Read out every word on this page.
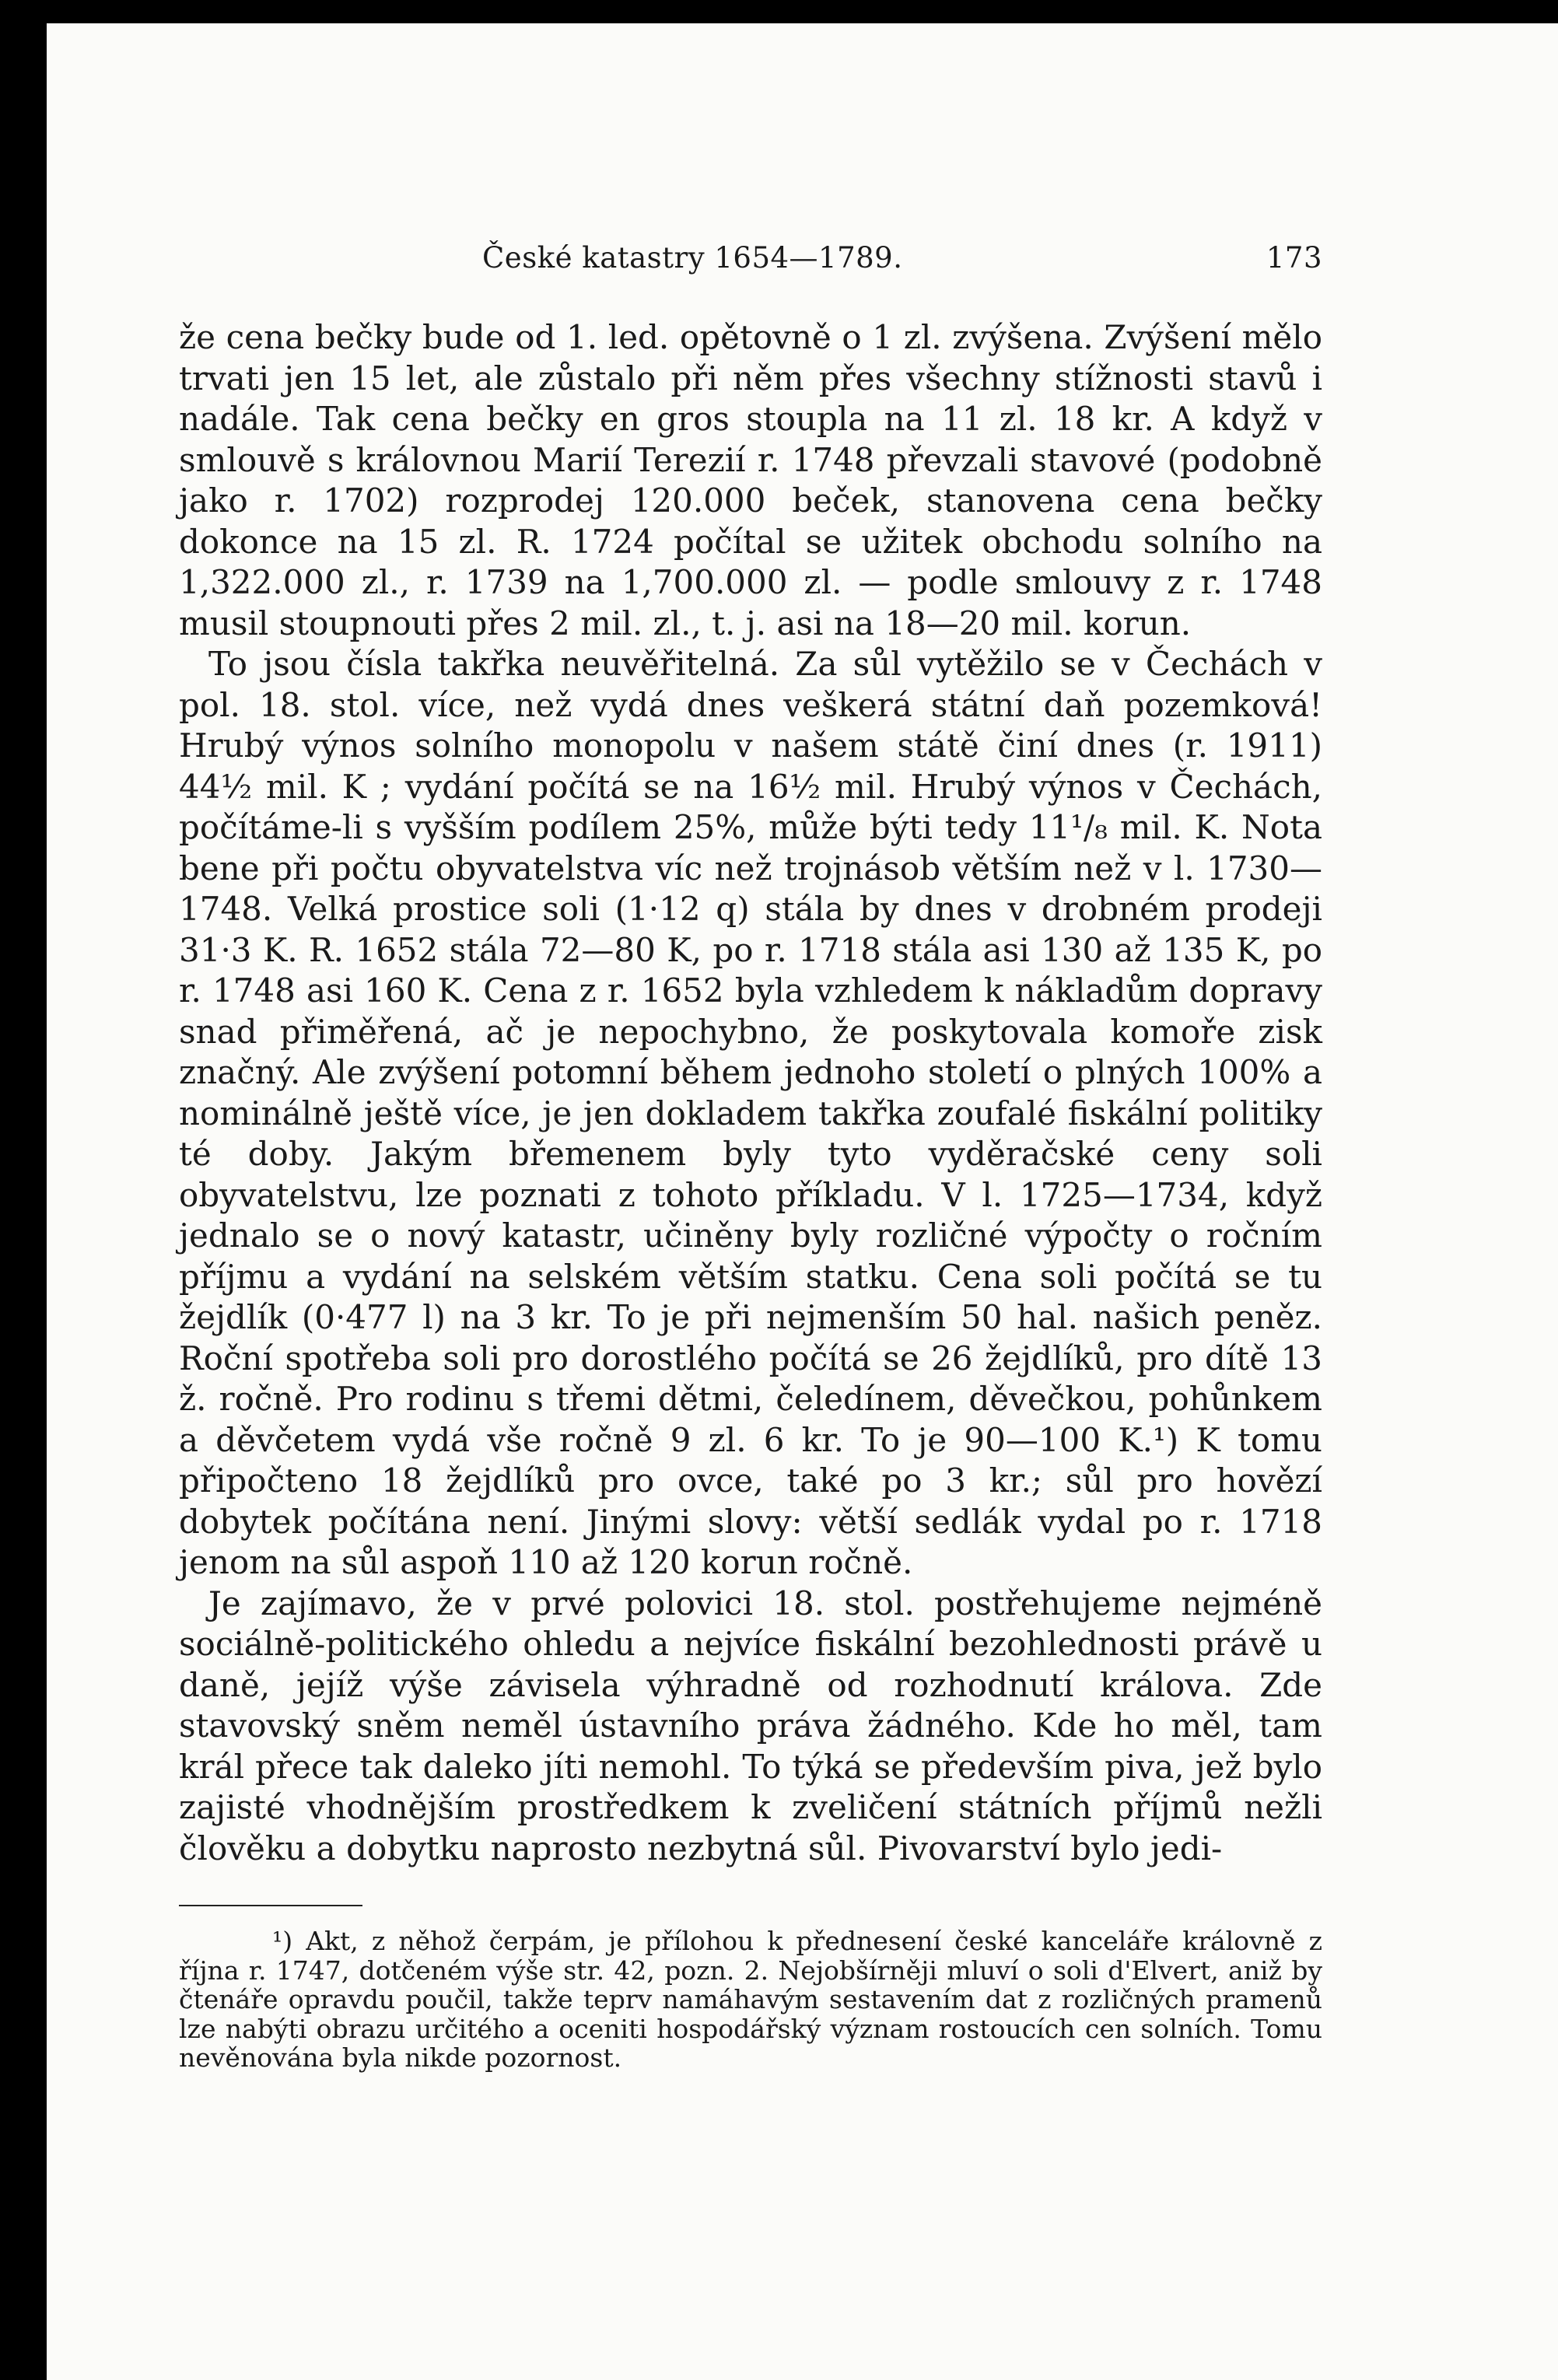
České katastry 1654—1789.	173

že cena bečky bude od 1. led. opětovně o 1 zl. zvýšena. Zvýšení mělo trvati jen 15 let, ale zůstalo při něm přes všechny stížnosti stavů i nadále. Tak cena bečky en gros stoupla na 11 zl. 18 kr. A když v smlouvě s královnou Marií Terezií r. 1748 převzali stavové (podobně jako r. 1702) rozprodej 120.000 beček, stanovena cena bečky dokonce na 15 zl. R. 1724 počítal se užitek obchodu solního na 1,322.000 zl., r. 1739 na 1,700.000 zl. — podle smlouvy z r. 1748 musil stoupnouti přes 2 mil. zl., t. j. asi na 18—20 mil. korun.

To jsou čísla takřka neuvěřitelná. Za sůl vytěžilo se v Čechách v pol. 18. stol. více, než vydá dnes veškerá státní daň pozemková! Hrubý výnos solního monopolu v našem státě činí dnes (r. 1911) 44½ mil. K ; vydání počítá se na 16½ mil. Hrubý výnos v Čechách, počítáme-li s vyšším podílem 25%, může býti tedy 11¹/₈ mil. K. Nota bene při počtu obyvatelstva víc než trojnásob větším než v l. 1730—1748. Velká prostice soli (1·12 q) stála by dnes v drobném prodeji 31·3 K. R. 1652 stála 72—80 K, po r. 1718 stála asi 130 až 135 K, po r. 1748 asi 160 K. Cena z r. 1652 byla vzhledem k nákladům dopravy snad přiměřená, ač je nepochybno, že poskytovala komoře zisk značný. Ale zvýšení potomní během jednoho století o plných 100% a nominálně ještě více, je jen dokladem takřka zoufalé fiskální politiky té doby. Jakým břemenem byly tyto vyděračské ceny soli obyvatelstvu, lze poznati z tohoto příkladu. V l. 1725—1734, když jednalo se o nový katastr, učiněny byly rozličné výpočty o ročním příjmu a vydání na selském větším statku. Cena soli počítá se tu žejdlík (0·477 l) na 3 kr. To je při nejmenším 50 hal. našich peněz. Roční spotřeba soli pro dorostlého počítá se 26 žejdlíků, pro dítě 13 ž. ročně. Pro rodinu s třemi dětmi, čeledínem, děvečkou, pohůnkem a děvčetem vydá vše ročně 9 zl. 6 kr. To je 90—100 K.¹) K tomu připočteno 18 žejdlíků pro ovce, také po 3 kr.; sůl pro hovězí dobytek počítána není. Jinými slovy: větší sedlák vydal po r. 1718 jenom na sůl aspoň 110 až 120 korun ročně.

Je zajímavo, že v prvé polovici 18. stol. postřehujeme nejméně sociálně-politického ohledu a nejvíce fiskální bezohlednosti právě u daně, jejíž výše závisela výhradně od rozhodnutí králova. Zde stavovský sněm neměl ústavního práva žádného. Kde ho měl, tam král přece tak daleko jíti nemohl. To týká se především piva, jež bylo zajisté vhodnějším prostředkem k zveličení státních příjmů nežli člověku a dobytku naprosto nezbytná sůl. Pivovarství bylo jedi-

¹) Akt, z něhož čerpám, je přílohou k přednesení české kanceláře královně z října r. 1747, dotčeném výše str. 42, pozn. 2. Nejobšírněji mluví o soli d'Elvert, aniž by čtenáře opravdu poučil, takže teprv namáhavým sestavením dat z rozličných pramenů lze nabýti obrazu určitého a oceniti hospodářský význam rostoucích cen solních. Tomu nevěnována byla nikde pozornost.
